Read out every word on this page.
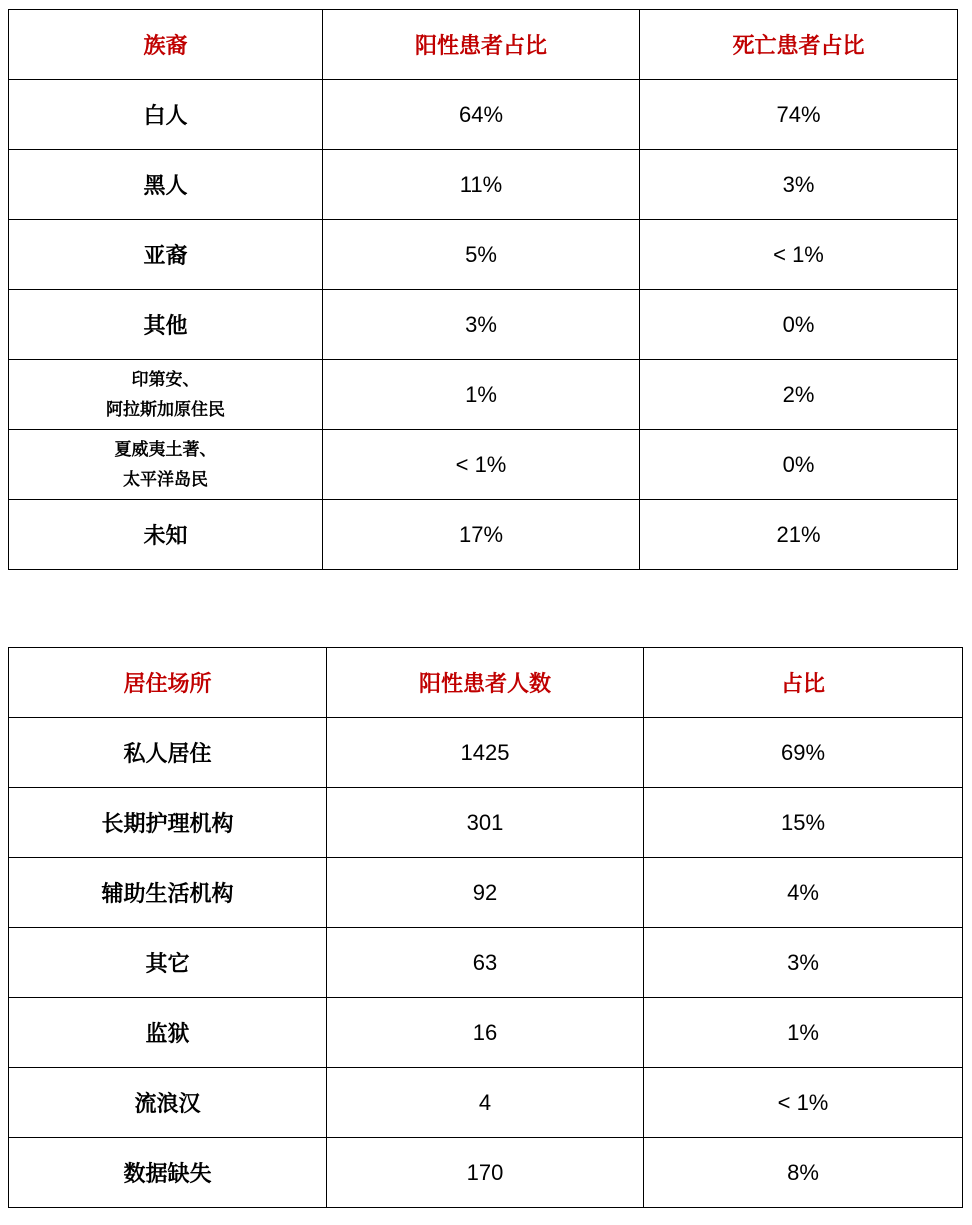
族裔	阳性患者占比	死亡患者占比

白人	64%	74%

黑人	11%	3%

亚裔	5%	< 1%

其他	3%	0%

印第安、
阿拉斯加原住民	1%	2%

夏威夷土著、
太平洋岛民	< 1%	0%

未知	17%	21%
居住场所	阳性患者人数	占比
私人居住	1425	69%
长期护理机构	301	15%
辅助生活机构	92	4%
其它	63	3%
监狱	16	1%
流浪汉	4	< 1%
数据缺失	170	8%
